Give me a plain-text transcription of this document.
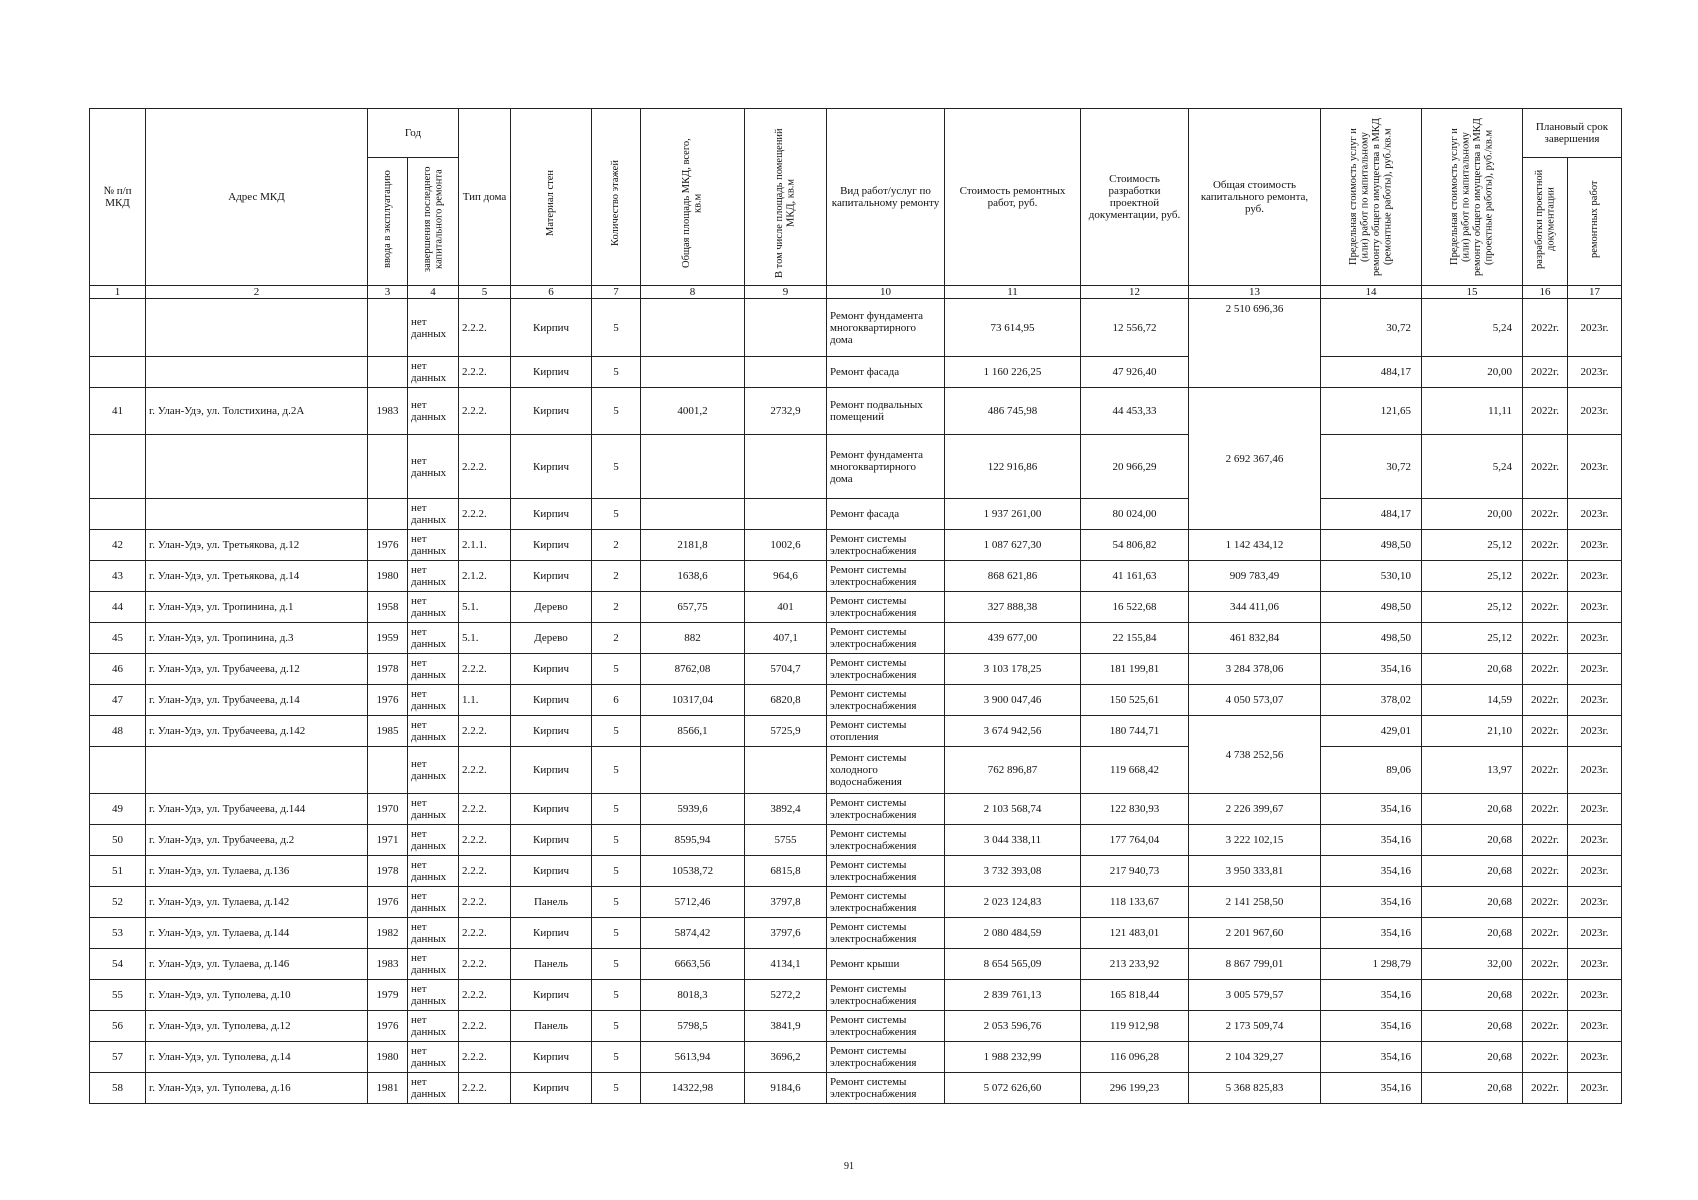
№ п/п МКД	Адрес МКД	Год		Тип дома	Материал стен	Количество этажей	Общая площадь МКД, всего, кв.м	В том числе площадь помещений МКД, кв.м	Вид работ/услуг по капитальному ремонту	Стоимость ремонтных работ, руб.	Стоимость разработки проектной документации, руб.	Общая стоимость капитального ремонта, руб.	Предельная стоимость услуг и (или) работ по капитальному ремонту общего имущества в МКД (ремонтные работы), руб./кв.м	Предельная стоимость услуг и (или) работ по капитальному ремонту общего имущества в МКД (проектные работы), руб./кв.м	Плановый срок завершения	
		ввода в эксплуатацию	завершения последнего капитального ремонта												разработки проектной документации	ремонтных работ
1	2	3	4	5	6	7	8	9	10	11	12	13	14	15	16	17
			нет данных	2.2.2.	Кирпич	5			Ремонт фундамента многоквартирного дома	73 614,95	12 556,72	2 510 696,36	30,72	5,24	2022г.	2023г.
			нет данных	2.2.2.	Кирпич	5			Ремонт фасада	1 160 226,25	47 926,40		484,17	20,00	2022г.	2023г.
41	г. Улан-Удэ, ул. Толстихина, д.2А	1983	нет данных	2.2.2.	Кирпич	5	4001,2	2732,9	Ремонт подвальных помещений	486 745,98	44 453,33	2 692 367,46	121,65	11,11	2022г.	2023г.
			нет данных	2.2.2.	Кирпич	5			Ремонт фундамента многоквартирного дома	122 916,86	20 966,29		30,72	5,24	2022г.	2023г.
			нет данных	2.2.2.	Кирпич	5			Ремонт фасада	1 937 261,00	80 024,00		484,17	20,00	2022г.	2023г.
42	г. Улан-Удэ, ул. Третьякова, д.12	1976	нет данных	2.1.1.	Кирпич	2	2181,8	1002,6	Ремонт системы электроснабжения	1 087 627,30	54 806,82	1 142 434,12	498,50	25,12	2022г.	2023г.
43	г. Улан-Удэ, ул. Третьякова, д.14	1980	нет данных	2.1.2.	Кирпич	2	1638,6	964,6	Ремонт системы электроснабжения	868 621,86	41 161,63	909 783,49	530,10	25,12	2022г.	2023г.
44	г. Улан-Удэ, ул. Тропинина, д.1	1958	нет данных	5.1.	Дерево	2	657,75	401	Ремонт системы электроснабжения	327 888,38	16 522,68	344 411,06	498,50	25,12	2022г.	2023г.
45	г. Улан-Удэ, ул. Тропинина, д.3	1959	нет данных	5.1.	Дерево	2	882	407,1	Ремонт системы электроснабжения	439 677,00	22 155,84	461 832,84	498,50	25,12	2022г.	2023г.
46	г. Улан-Удэ, ул. Трубачеева, д.12	1978	нет данных	2.2.2.	Кирпич	5	8762,08	5704,7	Ремонт системы электроснабжения	3 103 178,25	181 199,81	3 284 378,06	354,16	20,68	2022г.	2023г.
47	г. Улан-Удэ, ул. Трубачеева, д.14	1976	нет данных	1.1.	Кирпич	6	10317,04	6820,8	Ремонт системы электроснабжения	3 900 047,46	150 525,61	4 050 573,07	378,02	14,59	2022г.	2023г.
48	г. Улан-Удэ, ул. Трубачеева, д.142	1985	нет данных	2.2.2.	Кирпич	5	8566,1	5725,9	Ремонт системы отопления	3 674 942,56	180 744,71	4 738 252,56	429,01	21,10	2022г.	2023г.
			нет данных	2.2.2.	Кирпич	5			Ремонт системы холодного водоснабжения	762 896,87	119 668,42		89,06	13,97	2022г.	2023г.
49	г. Улан-Удэ, ул. Трубачеева, д.144	1970	нет данных	2.2.2.	Кирпич	5	5939,6	3892,4	Ремонт системы электроснабжения	2 103 568,74	122 830,93	2 226 399,67	354,16	20,68	2022г.	2023г.
50	г. Улан-Удэ, ул. Трубачеева, д.2	1971	нет данных	2.2.2.	Кирпич	5	8595,94	5755	Ремонт системы электроснабжения	3 044 338,11	177 764,04	3 222 102,15	354,16	20,68	2022г.	2023г.
51	г. Улан-Удэ, ул. Тулаева, д.136	1978	нет данных	2.2.2.	Кирпич	5	10538,72	6815,8	Ремонт системы электроснабжения	3 732 393,08	217 940,73	3 950 333,81	354,16	20,68	2022г.	2023г.
52	г. Улан-Удэ, ул. Тулаева, д.142	1976	нет данных	2.2.2.	Панель	5	5712,46	3797,8	Ремонт системы электроснабжения	2 023 124,83	118 133,67	2 141 258,50	354,16	20,68	2022г.	2023г.
53	г. Улан-Удэ, ул. Тулаева, д.144	1982	нет данных	2.2.2.	Кирпич	5	5874,42	3797,6	Ремонт системы электроснабжения	2 080 484,59	121 483,01	2 201 967,60	354,16	20,68	2022г.	2023г.
54	г. Улан-Удэ, ул. Тулаева, д.146	1983	нет данных	2.2.2.	Панель	5	6663,56	4134,1	Ремонт крыши	8 654 565,09	213 233,92	8 867 799,01	1 298,79	32,00	2022г.	2023г.
55	г. Улан-Удэ, ул. Туполева, д.10	1979	нет данных	2.2.2.	Кирпич	5	8018,3	5272,2	Ремонт системы электроснабжения	2 839 761,13	165 818,44	3 005 579,57	354,16	20,68	2022г.	2023г.
56	г. Улан-Удэ, ул. Туполева, д.12	1976	нет данных	2.2.2.	Панель	5	5798,5	3841,9	Ремонт системы электроснабжения	2 053 596,76	119 912,98	2 173 509,74	354,16	20,68	2022г.	2023г.
57	г. Улан-Удэ, ул. Туполева, д.14	1980	нет данных	2.2.2.	Кирпич	5	5613,94	3696,2	Ремонт системы электроснабжения	1 988 232,99	116 096,28	2 104 329,27	354,16	20,68	2022г.	2023г.
58	г. Улан-Удэ, ул. Туполева, д.16	1981	нет данных	2.2.2.	Кирпич	5	14322,98	9184,6	Ремонт системы электроснабжения	5 072 626,60	296 199,23	5 368 825,83	354,16	20,68	2022г.	2023г.
91
